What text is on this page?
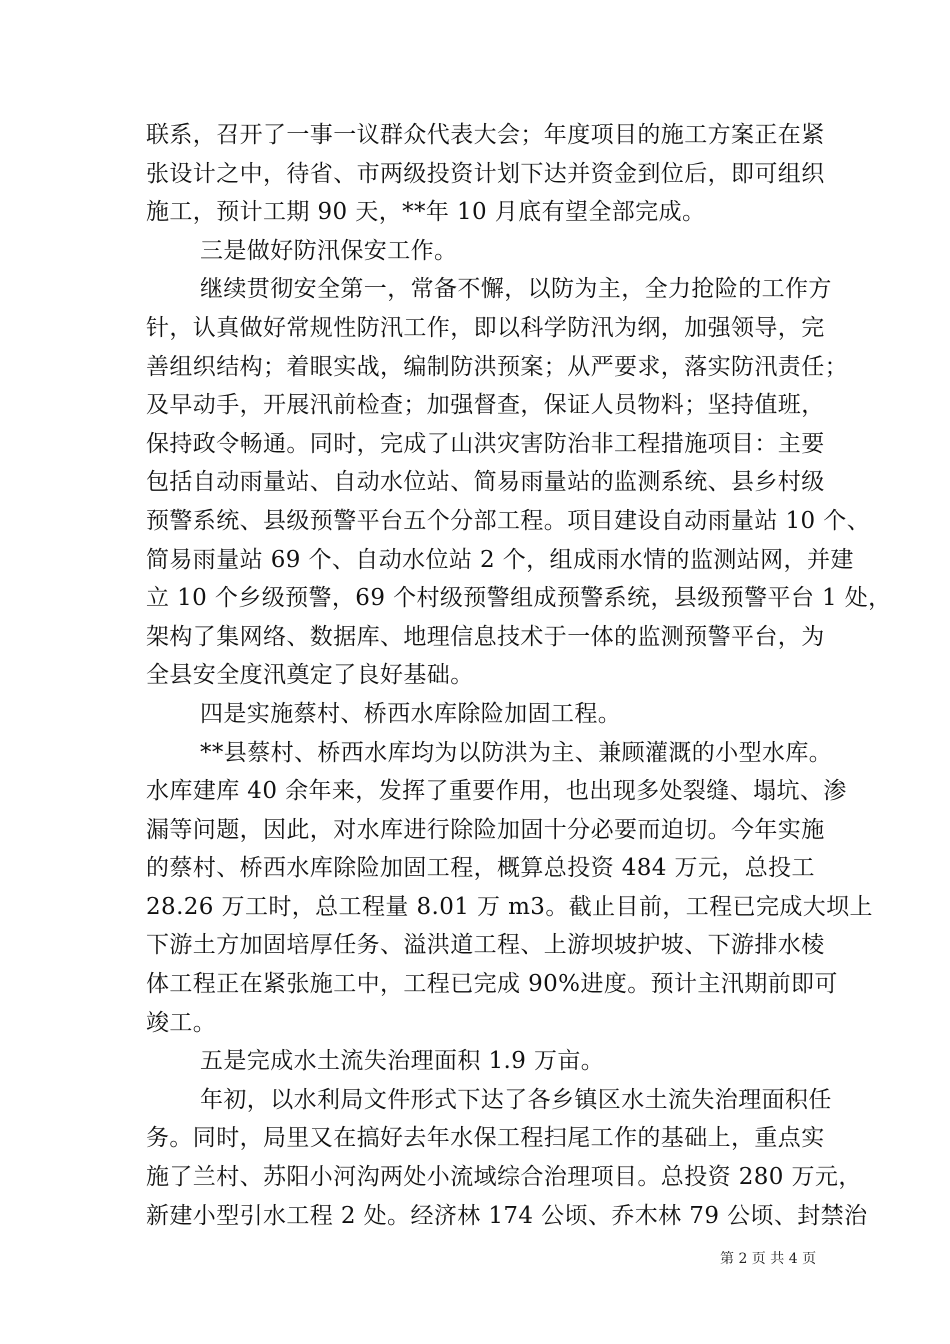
联系，召开了一事一议群众代表大会；年度项目的施工方案正在紧
张设计之中，待省、市两级投资计划下达并资金到位后，即可组织
施工，预计工期 90 天，**年 10 月底有望全部完成。
三是做好防汛保安工作。
继续贯彻安全第一，常备不懈，以防为主，全力抢险的工作方
针，认真做好常规性防汛工作，即以科学防汛为纲，加强领导，完
善组织结构；着眼实战，编制防洪预案；从严要求，落实防汛责任；
及早动手，开展汛前检查；加强督查，保证人员物料；坚持值班，
保持政令畅通。同时，完成了山洪灾害防治非工程措施项目：主要
包括自动雨量站、自动水位站、简易雨量站的监测系统、县乡村级
预警系统、县级预警平台五个分部工程。项目建设自动雨量站 10 个、
简易雨量站 69 个、自动水位站 2 个，组成雨水情的监测站网，并建
立 10 个乡级预警，69 个村级预警组成预警系统，县级预警平台 1 处，
架构了集网络、数据库、地理信息技术于一体的监测预警平台，为
全县安全度汛奠定了良好基础。
四是实施蔡村、桥西水库除险加固工程。
**县蔡村、桥西水库均为以防洪为主、兼顾灌溉的小型水库。
水库建库 40 余年来，发挥了重要作用，也出现多处裂缝、塌坑、渗
漏等问题，因此，对水库进行除险加固十分必要而迫切。今年实施
的蔡村、桥西水库除险加固工程，概算总投资 484 万元，总投工
28.26 万工时，总工程量 8.01 万 m3。截止目前，工程已完成大坝上
下游土方加固培厚任务、溢洪道工程、上游坝坡护坡、下游排水棱
体工程正在紧张施工中，工程已完成 90%进度。预计主汛期前即可
竣工。
五是完成水土流失治理面积 1.9 万亩。
年初，以水利局文件形式下达了各乡镇区水土流失治理面积任
务。同时，局里又在搞好去年水保工程扫尾工作的基础上，重点实
施了兰村、苏阳小河沟两处小流域综合治理项目。总投资 280 万元，
新建小型引水工程 2 处。经济林 174 公顷、乔木林 79 公顷、封禁治

第 2 页 共 4 页
